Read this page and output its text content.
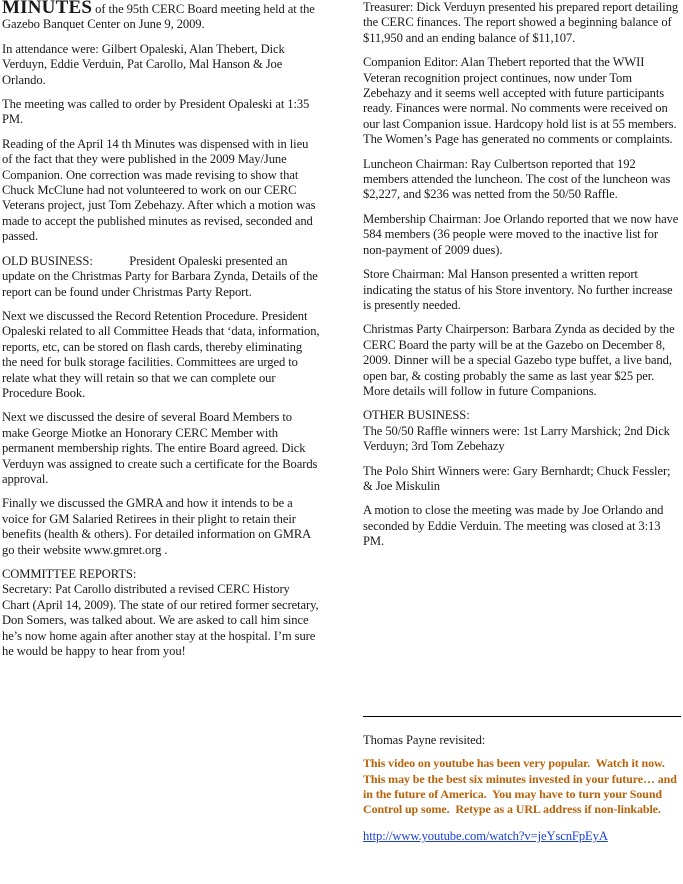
MINUTES of the 95th CERC Board meeting held at the Gazebo Banquet Center on June 9, 2009.

In attendance were: Gilbert Opaleski, Alan Thebert, Dick Verduyn, Eddie Verduin, Pat Carollo, Mal Hanson & Joe Orlando.

The meeting was called to order by President Opaleski at 1:35 PM.

Reading of the April 14 th Minutes was dispensed with in lieu of the fact that they were published in the 2009 May/June Companion. One correction was made revising to show that Chuck McClune had not volunteered to work on our CERC Veterans project, just Tom Zebehazy. After which a motion was made to accept the published minutes as revised, seconded and passed.

OLD BUSINESS:            President Opaleski presented an update on the Christmas Party for Barbara Zynda, Details of the report can be found under Christmas Party Report.

Next we discussed the Record Retention Procedure. President Opaleski related to all Committee Heads that ‘data, information, reports, etc, can be stored on flash cards, thereby eliminating the need for bulk storage facilities. Committees are urged to relate what they will retain so that we can complete our Procedure Book.

Next we discussed the desire of several Board Members to make George Miotke an Honorary CERC Member with permanent membership rights. The entire Board agreed. Dick Verduyn was assigned to create such a certificate for the Boards approval.

Finally we discussed the GMRA and how it intends to be a voice for GM Salaried Retirees in their plight to retain their benefits (health & others). For detailed information on GMRA go their website www.gmret.org .

COMMITTEE REPORTS:
Secretary: Pat Carollo distributed a revised CERC History Chart (April 14, 2009). The state of our retired former secretary, Don Somers, was talked about. We are asked to call him since he’s now home again after another stay at the hospital. I’m sure he would be happy to hear from you!

Treasurer: Dick Verduyn presented his prepared report detailing the CERC finances. The report showed a beginning balance of $11,950 and an ending balance of $11,107.

Companion Editor: Alan Thebert reported that the WWII Veteran recognition project continues, now under Tom Zebehazy and it seems well accepted with future participants ready. Finances were normal. No comments were received on our last Companion issue. Hardcopy hold list is at 55 members. The Women’s Page has generated no comments or complaints.

Luncheon Chairman: Ray Culbertson reported that 192 members attended the luncheon. The cost of the luncheon was $2,227, and $236 was netted from the 50/50 Raffle.

Membership Chairman: Joe Orlando reported that we now have 584 members (36 people were moved to the inactive list for non-payment of 2009 dues).

Store Chairman: Mal Hanson presented a written report indicating the status of his Store inventory. No further increase is presently needed.

Christmas Party Chairperson: Barbara Zynda as decided by the CERC Board the party will be at the Gazebo on December 8, 2009. Dinner will be a special Gazebo type buffet, a live band, open bar, & costing probably the same as last year $25 per. More details will follow in future Companions.

OTHER BUSINESS:
The 50/50 Raffle winners were: 1st Larry Marshick; 2nd Dick Verduyn; 3rd Tom Zebehazy

The Polo Shirt Winners were: Gary Bernhardt; Chuck Fessler; & Joe Miskulin

A motion to close the meeting was made by Joe Orlando and seconded by Eddie Verduin. The meeting was closed at 3:13 PM.

Thomas Payne revisited:

This video on youtube has been very popular.  Watch it now. This may be the best six minutes invested in your future… and in the future of America.  You may have to turn your Sound Control up some.  Retype as a URL address if non-linkable.

http://www.youtube.com/watch?v=jeYscnFpEyA
